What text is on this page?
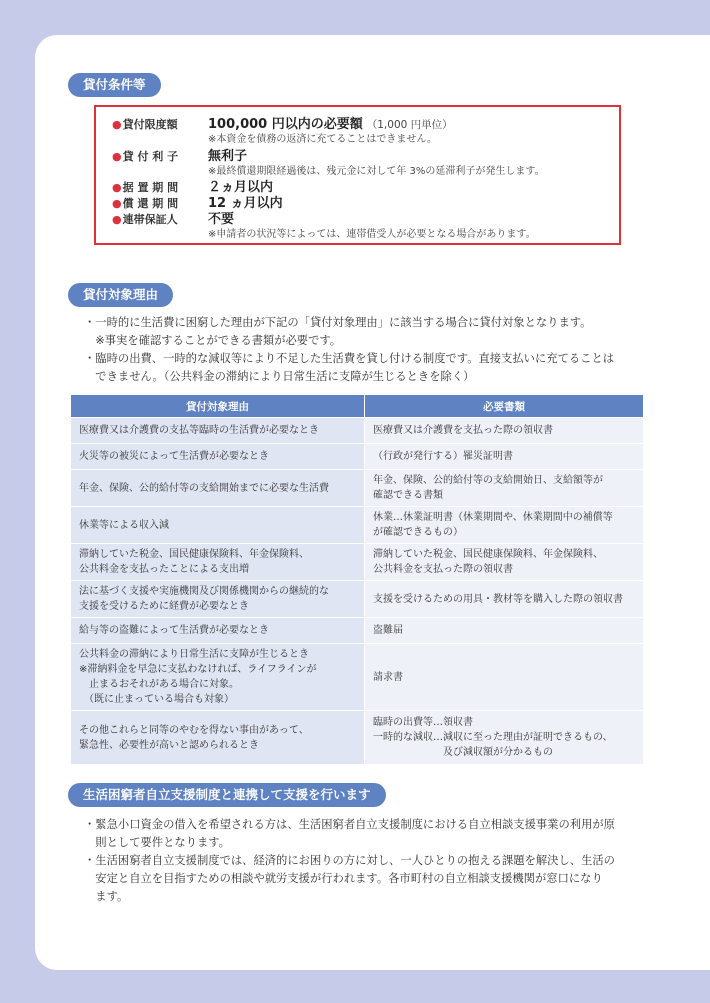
貸付条件等
●貸付限度額	100,000 円以内の必要額 （1,000 円単位）
※本資金を債務の返済に充てることはできません。
●貸 付 利 子	無利子
※最終償還期限経過後は、残元金に対して年 3%の延滞利子が発生します。
●据 置 期 間	２ヵ月以内
●償 還 期 間	12 ヵ月以内
●連帯保証人	不要
※申請者の状況等によっては、連帯借受人が必要となる場合があります。
貸付対象理由
・一時的に生活費に困窮した理由が下記の「貸付対象理由」に該当する場合に貸付対象となります。
　※事実を確認することができる書類が必要です。
・臨時の出費、一時的な減収等により不足した生活費を貸し付ける制度です。直接支払いに充てることは
　できません。（公共料金の滞納により日常生活に支障が生じるときを除く）
貸付対象理由	必要書類
医療費又は介護費の支払等臨時の生活費が必要なとき	医療費又は介護費を支払った際の領収書
火災等の被災によって生活費が必要なとき	（行政が発行する）罹災証明書
年金、保険、公的給付等の支給開始までに必要な生活費	年金、保険、公的給付等の支給開始日、支給額等が
確認できる書類
休業等による収入減	休業…休業証明書（休業期間や、休業期間中の補償等
が確認できるもの）
滞納していた税金、国民健康保険料、年金保険料、
公共料金を支払ったことによる支出増	滞納していた税金、国民健康保険料、年金保険料、
公共料金を支払った際の領収書
法に基づく支援や実施機関及び関係機関からの継続的な
支援を受けるために経費が必要なとき	支援を受けるための用具・教材等を購入した際の領収書
給与等の盗難によって生活費が必要なとき	盗難届
公共料金の滞納により日常生活に支障が生じるとき
※滞納料金を早急に支払わなければ、ライフラインが
　止まるおそれがある場合に対象。
　（既に止まっている場合も対象）	請求書
その他これらと同等のやむを得ない事由があって、
緊急性、必要性が高いと認められるとき	臨時の出費等…領収書
一時的な減収…減収に至った理由が証明できるもの、
　　　　　　　及び減収額が分かるもの
生活困窮者自立支援制度と連携して支援を行います
・緊急小口資金の借入を希望される方は、生活困窮者自立支援制度における自立相談支援事業の利用が原
　則として要件となります。
・生活困窮者自立支援制度では、経済的にお困りの方に対し、一人ひとりの抱える課題を解決し、生活の
　安定と自立を目指すための相談や就労支援が行われます。各市町村の自立相談支援機関が窓口になり
　ます。
